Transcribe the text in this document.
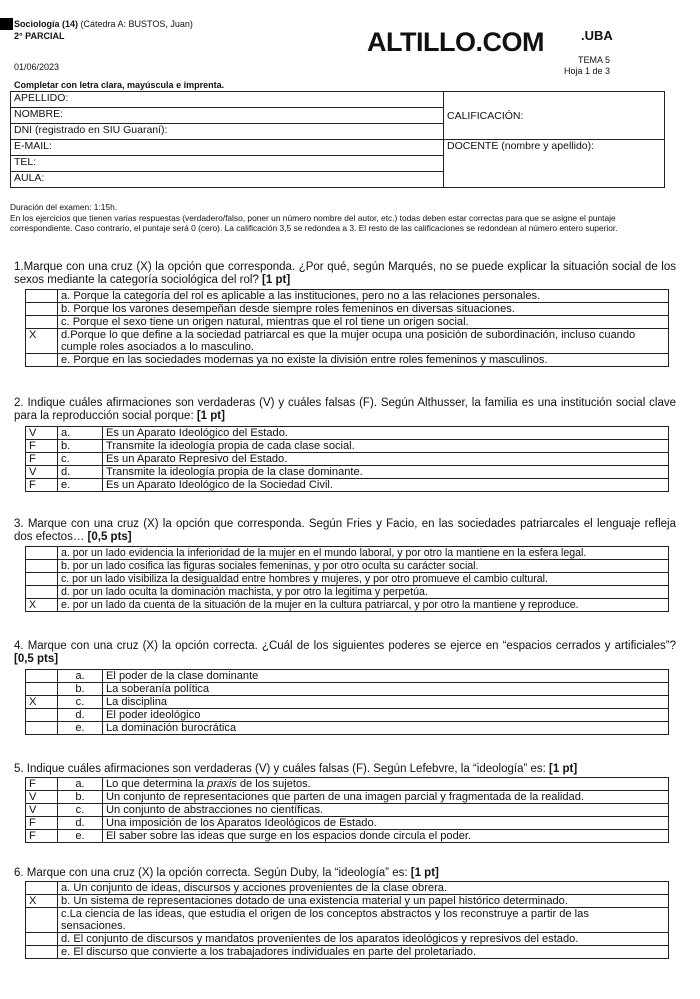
Sociología (14) (Cátedra A: BUSTOS, Juan)
2° PARCIAL
01/06/2023
ALTILLO.COM	.UBA
TEMA 5
Hoja 1 de 3
Completar con letra clara, mayúscula e imprenta.
APELLIDO:	CALIFICACIÓN:
NOMBRE:	
DNI (registrado en SIU Guaraní):	
E-MAIL:	DOCENTE (nombre y apellido):
TEL:	
AULA:	
Duración del examen: 1:15h.
En los ejercicios que tienen varias respuestas (verdadero/falso, poner un número nombre del autor, etc.) todas deben estar correctas para que se asigne el puntaje correspondiente. Caso contrario, el puntaje será 0 (cero). La calificación 3,5 se redondea a 3. El resto de las calificaciones se redondean al número entero superior.
1.Marque con una cruz (X) la opción que corresponda. ¿Por qué, según Marqués, no se puede explicar la situación social de los sexos mediante la categoría sociológica del rol? [1 pt]
	a. Porque la categoría del rol es aplicable a las instituciones, pero no a las relaciones personales.
	b. Porque los varones desempeñan desde siempre roles femeninos en diversas situaciones.
	c. Porque el sexo tiene un origen natural, mientras que el rol tiene un origen social.
X	d.Porque lo que define a la sociedad patriarcal es que la mujer ocupa una posición de subordinación, incluso cuando cumple roles asociados a lo masculino.
	e. Porque en las sociedades modernas ya no existe la división entre roles femeninos y masculinos.
2. Indique cuáles afirmaciones son verdaderas (V) y cuáles falsas (F). Según Althusser, la familia es una institución social clave para la reproducción social porque: [1 pt]
V	a.	Es un Aparato Ideológico del Estado.
F	b.	Transmite la ideología propia de cada clase social.
F	c.	Es un Aparato Represivo del Estado.
V	d.	Transmite la ideología propia de la clase dominante.
F	e.	Es un Aparato Ideológico de la Sociedad Civil.
3. Marque con una cruz (X) la opción que corresponda. Según Fries y Facio, en las sociedades patriarcales el lenguaje refleja dos efectos… [0,5 pts]
	a. por un lado evidencia la inferioridad de la mujer en el mundo laboral, y por otro la mantiene en la esfera legal.
	b. por un lado cosifica las figuras sociales femeninas, y por otro oculta su carácter social.
	c. por un lado visibiliza la desigualdad entre hombres y mujeres, y por otro promueve el cambio cultural.
	d. por un lado oculta la dominación machista, y por otro la legitima y perpetúa.
X	e. por un lado da cuenta de la situación de la mujer en la cultura patriarcal, y por otro la mantiene y reproduce.
4. Marque con una cruz (X) la opción correcta. ¿Cuál de los siguientes poderes se ejerce en “espacios cerrados y artificiales”? [0,5 pts]
	a.	El poder de la clase dominante
	b.	La soberanía política
X	c.	La disciplina
	d.	El poder ideológico
	e.	La dominación burocrática
5. Indique cuáles afirmaciones son verdaderas (V) y cuáles falsas (F). Según Lefebvre, la “ideología” es: [1 pt]
F	a.	Lo que determina la praxis de los sujetos.
V	b.	Un conjunto de representaciones que parten de una imagen parcial y fragmentada de la realidad.
V	c.	Un conjunto de abstracciones no científicas.
F	d.	Una imposición de los Aparatos Ideológicos de Estado.
F	e.	El saber sobre las ideas que surge en los espacios donde circula el poder.
6. Marque con una cruz (X) la opción correcta. Según Duby, la “ideología” es: [1 pt]
	a. Un conjunto de ideas, discursos y acciones provenientes de la clase obrera.
X	b. Un sistema de representaciones dotado de una existencia material y un papel histórico determinado.
	c.La ciencia de las ideas, que estudia el origen de los conceptos abstractos y los reconstruye a partir de las sensaciones.
	d. El conjunto de discursos y mandatos provenientes de los aparatos ideológicos y represivos del estado.
	e. El discurso que convierte a los trabajadores individuales en parte del proletariado.
